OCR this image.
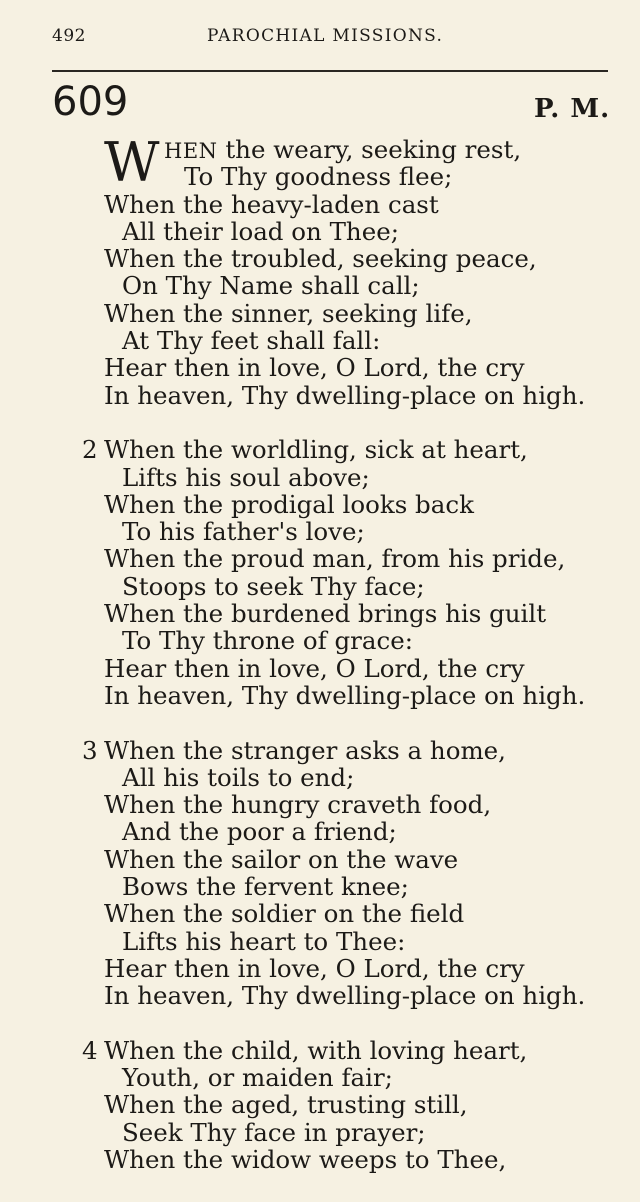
492	PAROCHIAL MISSIONS.
609	P. M.
W HEN the weary, seeking rest,
To Thy goodness flee;
When the heavy-laden cast
All their load on Thee;
When the troubled, seeking peace,
On Thy Name shall call;
When the sinner, seeking life,
At Thy feet shall fall:
Hear then in love, O Lord, the cry
In heaven, Thy dwelling-place on high.
2 When the worldling, sick at heart,
Lifts his soul above;
When the prodigal looks back
To his father's love;
When the proud man, from his pride,
Stoops to seek Thy face;
When the burdened brings his guilt
To Thy throne of grace:
Hear then in love, O Lord, the cry
In heaven, Thy dwelling-place on high.
3 When the stranger asks a home,
All his toils to end;
When the hungry craveth food,
And the poor a friend;
When the sailor on the wave
Bows the fervent knee;
When the soldier on the field
Lifts his heart to Thee:
Hear then in love, O Lord, the cry
In heaven, Thy dwelling-place on high.
4 When the child, with loving heart,
Youth, or maiden fair;
When the aged, trusting still,
Seek Thy face in prayer;
When the widow weeps to Thee,
